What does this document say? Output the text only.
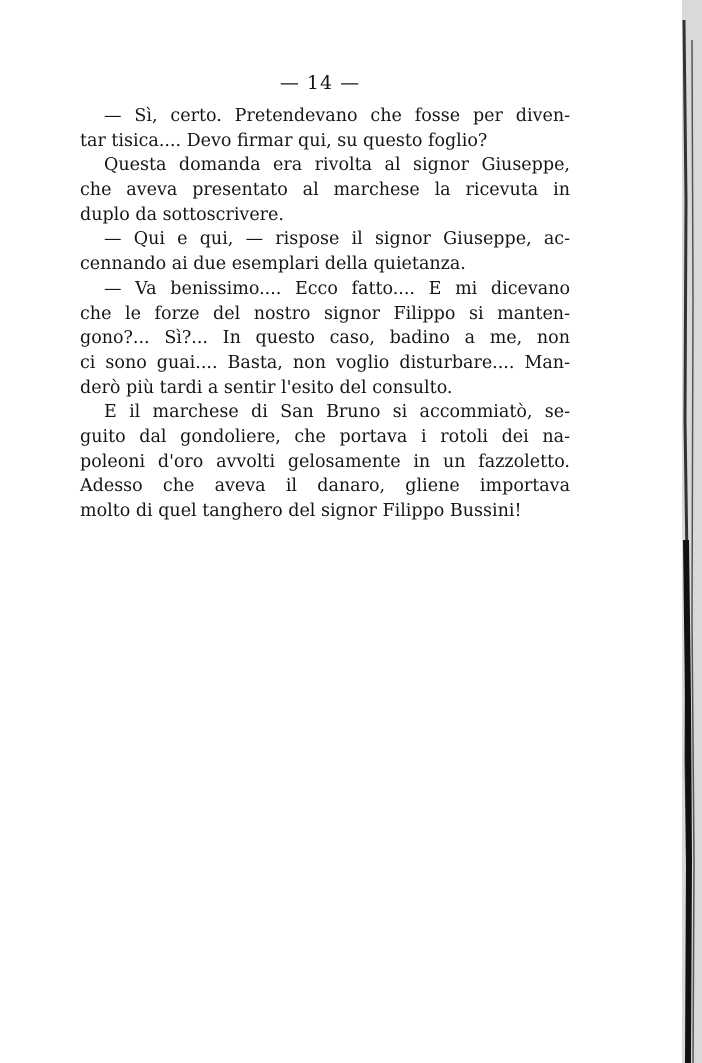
— 14 —
— Sì, certo. Pretendevano che fosse per diven-
tar tisica.... Devo firmar qui, su questo foglio?
Questa domanda era rivolta al signor Giuseppe,
che aveva presentato al marchese la ricevuta in
duplo da sottoscrivere.
— Qui e qui, — rispose il signor Giuseppe, ac-
cennando ai due esemplari della quietanza.
— Va benissimo.... Ecco fatto.... E mi dicevano
che le forze del nostro signor Filippo si manten-
gono?... Sì?... In questo caso, badino a me, non
ci sono guai.... Basta, non voglio disturbare.... Man-
derò più tardi a sentir l'esito del consulto.
E il marchese di San Bruno si accommiatò, se-
guito dal gondoliere, che portava i rotoli dei na-
poleoni d'oro avvolti gelosamente in un fazzoletto.
Adesso che aveva il danaro, gliene importava
molto di quel tanghero del signor Filippo Bussini!
